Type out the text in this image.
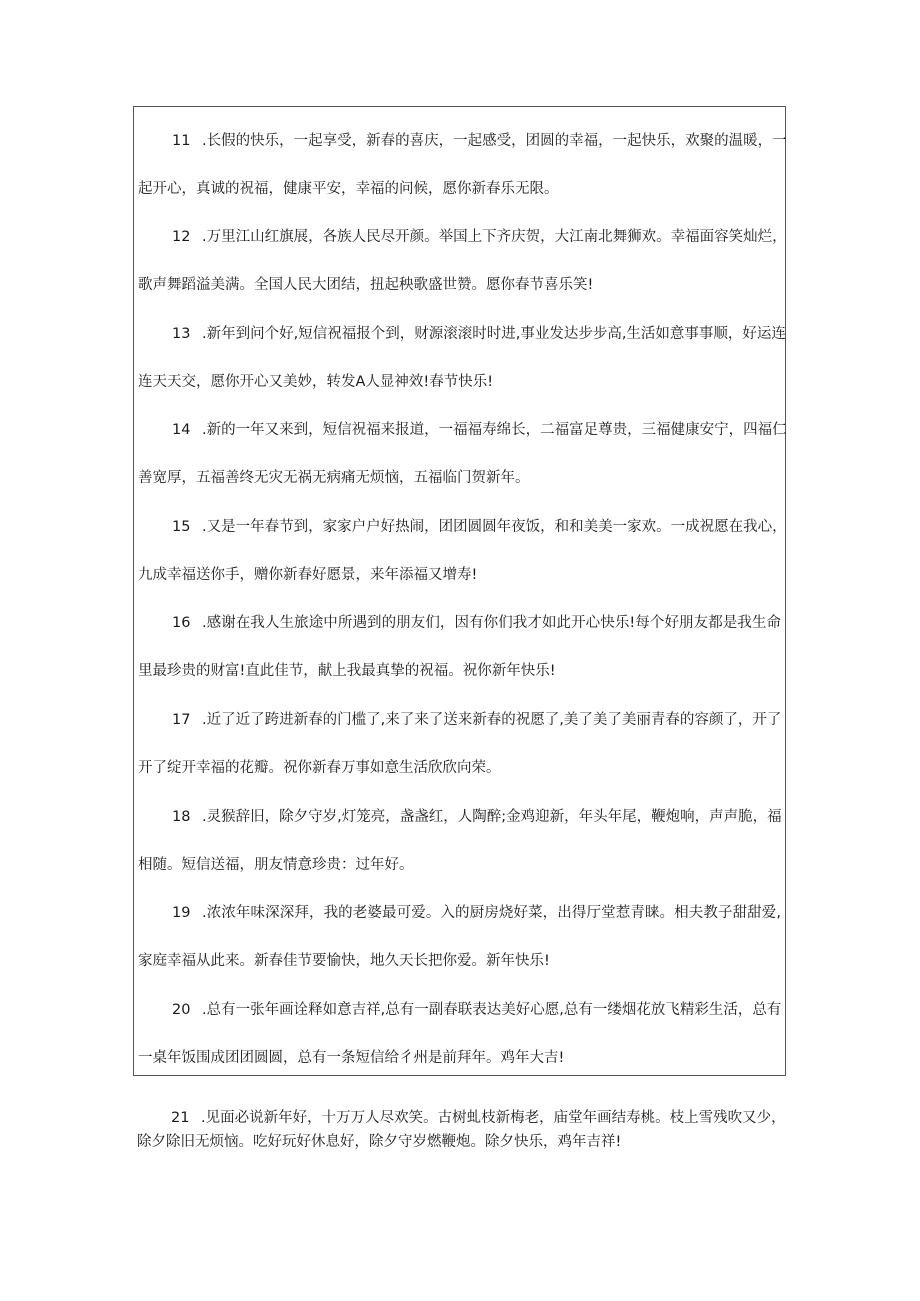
11 .长假的快乐，一起享受，新春的喜庆，一起感受，团圆的幸福，一起快乐，欢聚的温暖，一
起开心，真诚的祝福，健康平安，幸福的问候，愿你新春乐无限。
12 .万里江山红旗展，各族人民尽开颜。举国上下齐庆贺，大江南北舞狮欢。幸福面容笑灿烂，
歌声舞蹈溢美满。全国人民大团结，扭起秧歌盛世赞。愿你春节喜乐笑!
13 .新年到问个好,短信祝福报个到，财源滚滚时时进,事业发达步步高,生活如意事事顺，好运连
连天天交，愿你开心又美妙，转发A人显神效!春节快乐!
14 .新的一年又来到，短信祝福来报道，一福福寿绵长，二福富足尊贵，三福健康安宁，四福仁
善宽厚，五福善终无灾无祸无病痛无烦恼，五福临门贺新年。
15 .又是一年春节到，家家户户好热闹，团团圆圆年夜饭，和和美美一家欢。一成祝愿在我心，
九成幸福送你手，赠你新春好愿景，来年添福又增寿!
16 .感谢在我人生旅途中所遇到的朋友们，因有你们我才如此开心快乐!每个好朋友都是我生命
里最珍贵的财富!直此佳节，献上我最真挚的祝福。祝你新年快乐!
17 .近了近了跨进新春的门槛了,来了来了送来新春的祝愿了,美了美了美丽青春的容颜了，开了
开了绽开幸福的花瓣。祝你新春万事如意生活欣欣向荣。
18 .灵猴辞旧，除夕守岁,灯笼亮，盏盏红，人陶醉;金鸡迎新，年头年尾，鞭炮响，声声脆，福
相随。短信送福，朋友情意珍贵：过年好。
19 .浓浓年味深深拜，我的老婆最可爱。入的厨房烧好菜，出得厅堂惹青睐。相夫教子甜甜爱,
家庭幸福从此来。新春佳节要愉快，地久天长把你爱。新年快乐!
20 .总有一张年画诠释如意吉祥,总有一副春联表达美好心愿,总有一缕烟花放飞精彩生活，总有
一桌年饭围成团团圆圆，总有一条短信给彳州是前拜年。鸡年大吉!
21 .见面必说新年好，十万万人尽欢笑。古树虬枝新梅老，庙堂年画结寿桃。枝上雪残吹又少，
除夕除旧无烦恼。吃好玩好休息好，除夕守岁燃鞭炮。除夕快乐，鸡年吉祥!
